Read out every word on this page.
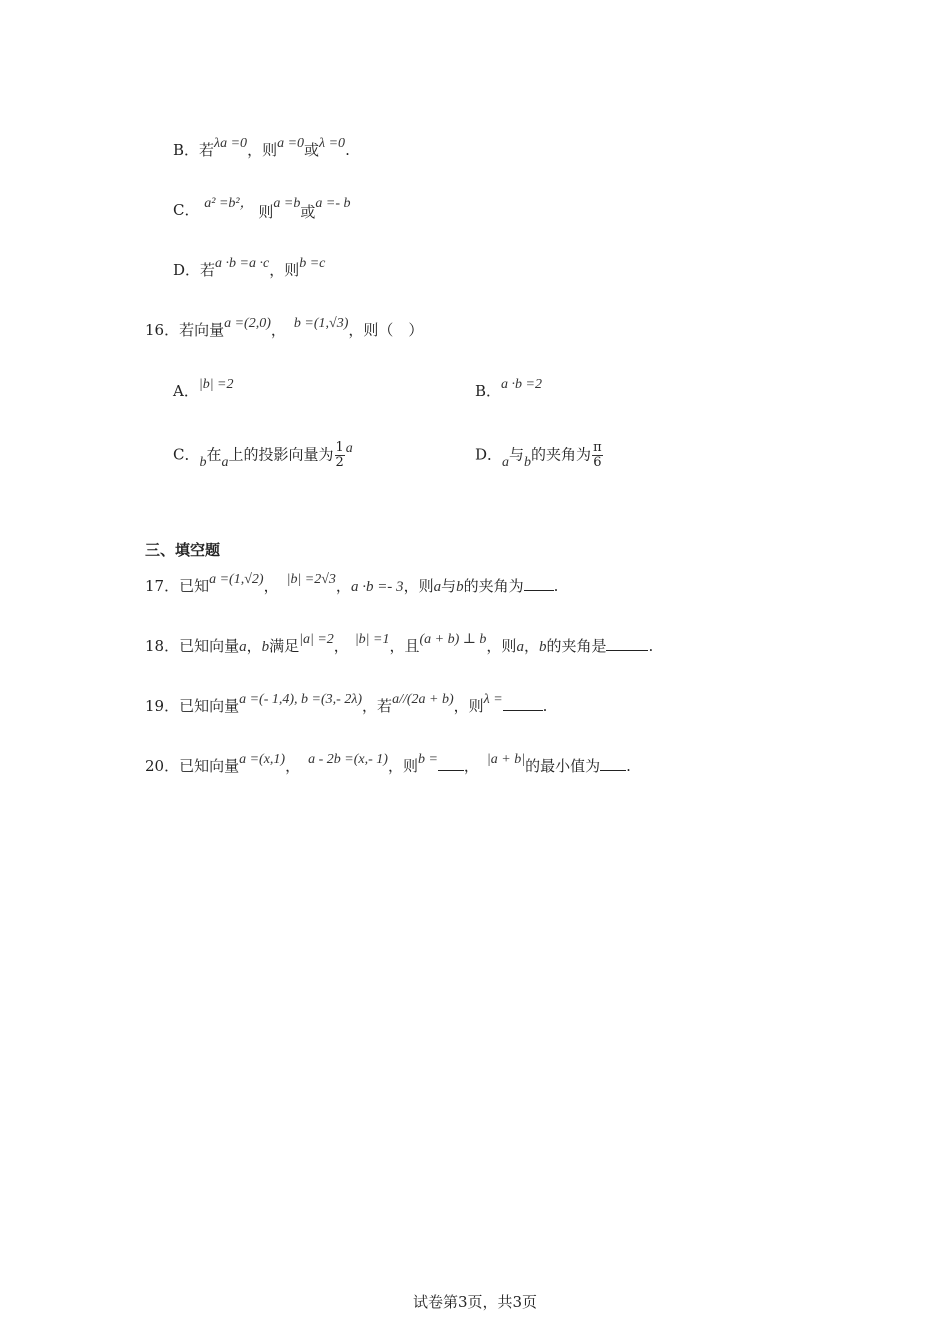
B．若λa =0，则a =0或λ =0.
C． a² =b²， 则a =b或a =- b
D．若a ·b =a ·c，则b =c
16．若向量a =(2,0)， b =(1,√3)，则（　）
A．|b| =2	B．a ·b =2
C．b在a上的投影向量为 $\frac{1}{2}$ a	D．a与b的夹角为 $\frac{\pi}{6}$
三、填空题
17．已知a =(1,√2)， |b| =2√3，a ·b =- 3，则a与b的夹角为 .
18．已知向量a，b满足|a| =2， |b| =1，且(a + b) ⊥ b，则a，b的夹角是	.
19．已知向量a =(- 1,4), b =(3,- 2λ)，若a//(2a + b)，则λ =	.
20．已知向量a =(x,1)， a - 2b =(x,- 1)，则b = ， |a + b|的最小值为 .
试卷第3页，共3页
